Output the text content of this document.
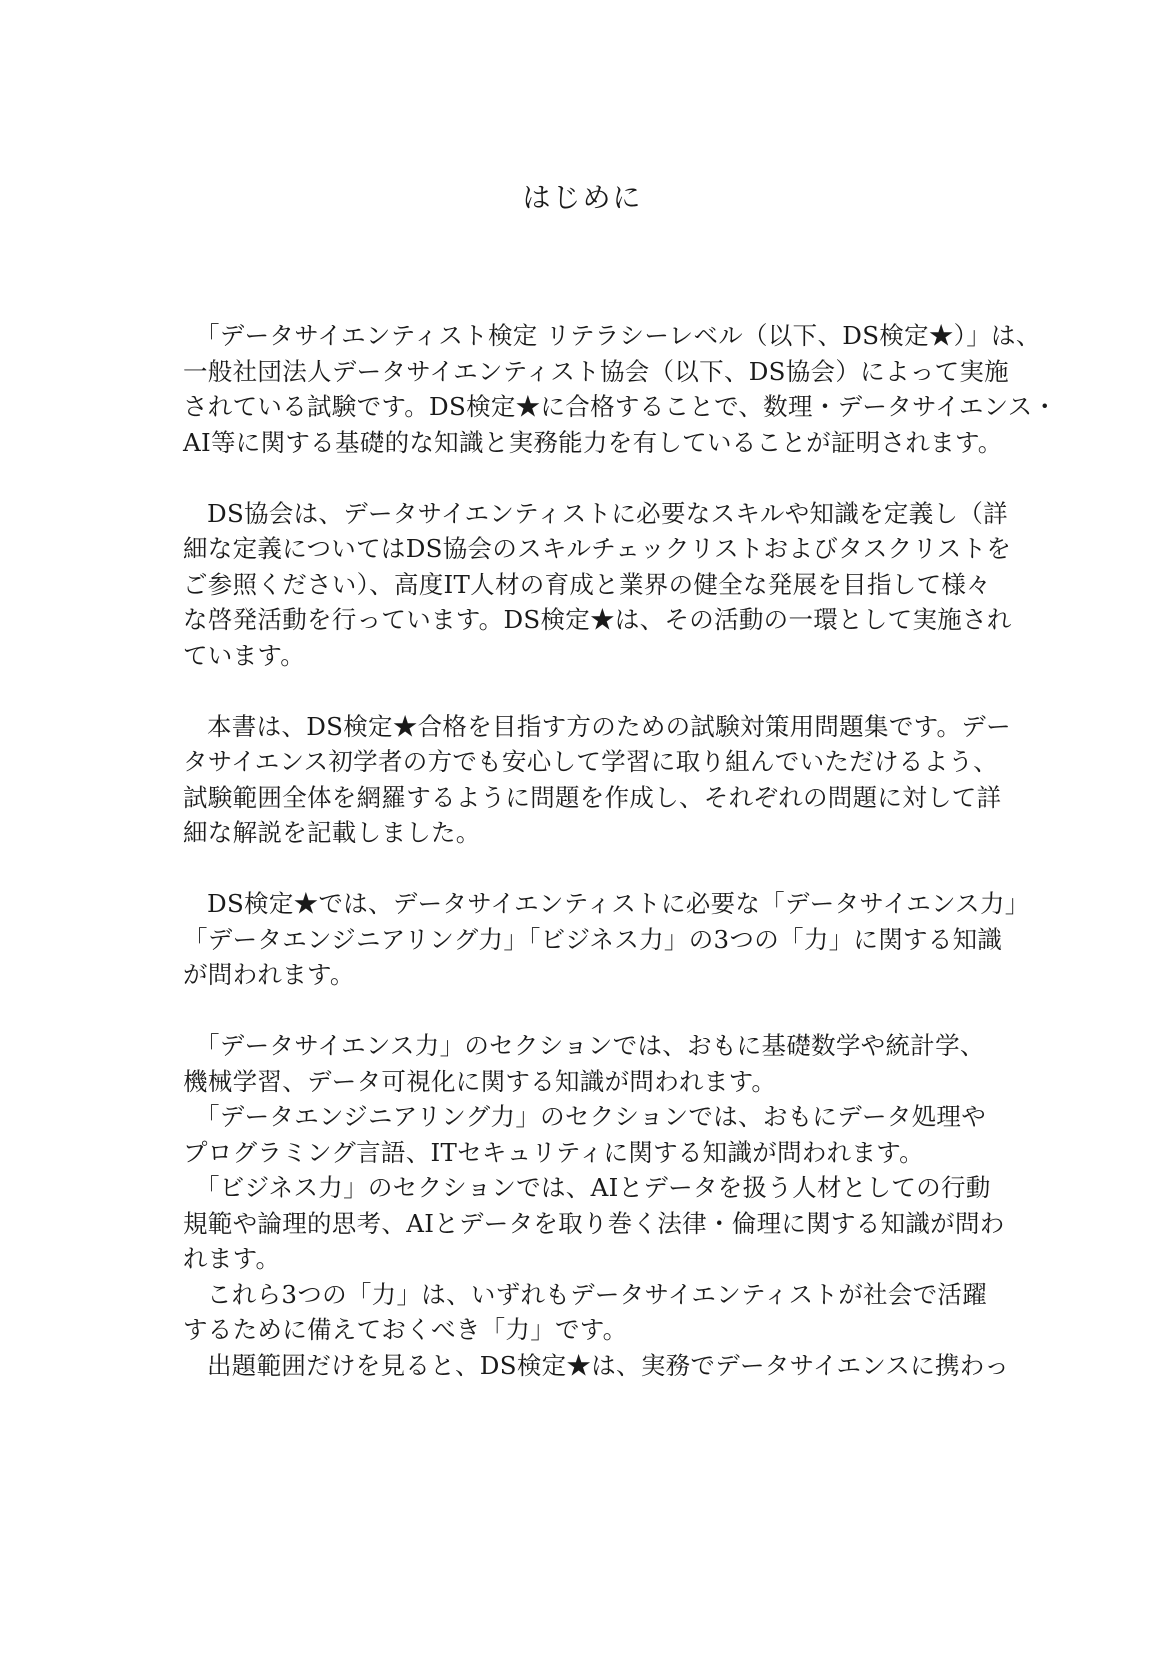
はじめに
「データサイエンティスト検定 リテラシーレベル（以下、DS検定★）」は、
一般社団法人データサイエンティスト協会（以下、DS協会）によって実施
されている試験です。DS検定★に合格することで、数理・データサイエンス・
AI等に関する基礎的な知識と実務能力を有していることが証明されます。
DS協会は、データサイエンティストに必要なスキルや知識を定義し（詳
細な定義についてはDS協会のスキルチェックリストおよびタスクリストを
ご参照ください）、高度IT人材の育成と業界の健全な発展を目指して様々
な啓発活動を行っています。DS検定★は、その活動の一環として実施され
ています。
本書は、DS検定★合格を目指す方のための試験対策用問題集です。デー
タサイエンス初学者の方でも安心して学習に取り組んでいただけるよう、
試験範囲全体を網羅するように問題を作成し、それぞれの問題に対して詳
細な解説を記載しました。
DS検定★では、データサイエンティストに必要な「データサイエンス力」
「データエンジニアリング力」「ビジネス力」の3つの「力」に関する知識
が問われます。
「データサイエンス力」のセクションでは、おもに基礎数学や統計学、
機械学習、データ可視化に関する知識が問われます。
「データエンジニアリング力」のセクションでは、おもにデータ処理や
プログラミング言語、ITセキュリティに関する知識が問われます。
「ビジネス力」のセクションでは、AIとデータを扱う人材としての行動
規範や論理的思考、AIとデータを取り巻く法律・倫理に関する知識が問わ
れます。
これら3つの「力」は、いずれもデータサイエンティストが社会で活躍
するために備えておくべき「力」です。
出題範囲だけを見ると、DS検定★は、実務でデータサイエンスに携わっ
